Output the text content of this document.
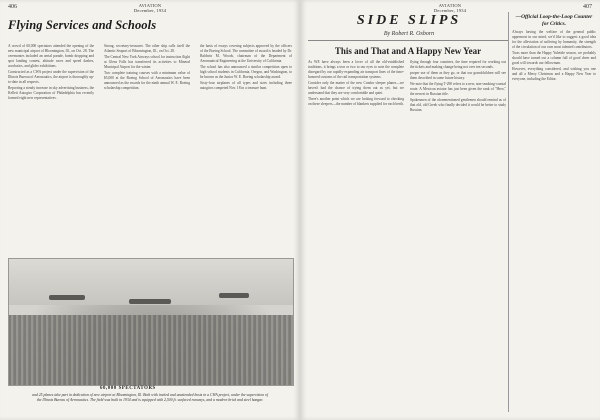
406	AVIATION
December, 1934
Flying Services and Schools

A crowd of 60,000 spectators attended the opening of the new municipal airport of Bloomington, Ill., on Oct. 28. The ceremonies included an aerial parade, bomb dropping and spot landing contest, altitude races and speed dashes, acrobatics, and glider exhibitions.

Constructed as a CWA project under the supervision of the Illinois Bureau of Aeronautics, the airport is thoroughly up-to-date in all respects.

Reporting a steady increase in sky advertising business, the Kellett Autogiro Corporation of Philadelphia has recently formed eight new representatives.

Strong, secretary-treasurer. The other ship calls itself the Atlantic Seaport of Bloomington, Ill., on Oct. 28.

The Central New York Airways school for instruction flight at Glens Falls has transferred its activities to Mineral Municipal Airport for the winter.

Two complete training courses with a minimum value of $5,000 at the Boeing School of Aeronautics have been announced as the awards for the ninth annual W. E. Boeing scholarship competition.

the basis of essays covering subjects approved by the officers of the Boeing School. The committee of award is headed by Dr. Baldwin M. Woods, chairman of the Department of Aeronautical Engineering at the University of California.

The school has also announced a similar competition open to high school students in California, Oregon, and Washington, to be known as the Junior W. E. Boeing scholarship award.

Sixty-four airplanes of all types and sizes including three autogiros competed Nov. 18 in a treasure hunt.

60,000 SPECTATORS
and 25 planes take part in dedication of new airport at Bloomington, Ill. Both with invited and unattended hosts in a CWA project, under the supervision of the Illinois Bureau of Aeronautics. The field was built in 1934 and is equipped with 2,500 ft. surfaced runways, and a modern brick and steel hangar.
407
AVIATION
December, 1934
SIDE SLIPS
By Robert R. Osborn
This and That and A Happy New Year

As WE have always been a lover of all the old-established traditions, it brings a tear or two to our eyes to note the complete disregard by our rapidly-expanding air transport lines of the time-honored customs of the rail transportation systems.

Consider only the matter of the new Condor sleeper planes—we haven't had the chance of trying them out as yet, but we understand that they are very comfortable and quiet.

There's another point which we are looking forward to checking on these sleepers—the number of blankets supplied for each berth.

flying through four countries, the time required for working out the tickets and making change being not over ten seconds.

proper use of them as they go, or that our grandchildren will see them described in some future history.

We note that the flying T-290 refers to a new, non-smoking-coastal route. A Mexican aviator has just been given the rank of "Hero," the newest in Russian title.

Spokesmen of the aforementioned gentlemen should remind us of that old, old Greek who finally decided it would be better to study Russian.

—Official Loop-the-Loop Counter for Critics.

Always having the welfare of the general public uppermost in our mind, we'd like to suggest a good idea for the alleviation of suffering by humanity, the strength of the circulation of our own most talented contributors.

Twas more than the Happy Yuletide season, we probably should have turned out a column full of good cheer and good will towards our fellowman.

However, everything considered, and wishing you one and all a Merry Christmas and a Happy New Year to everyone, including the Editor.
